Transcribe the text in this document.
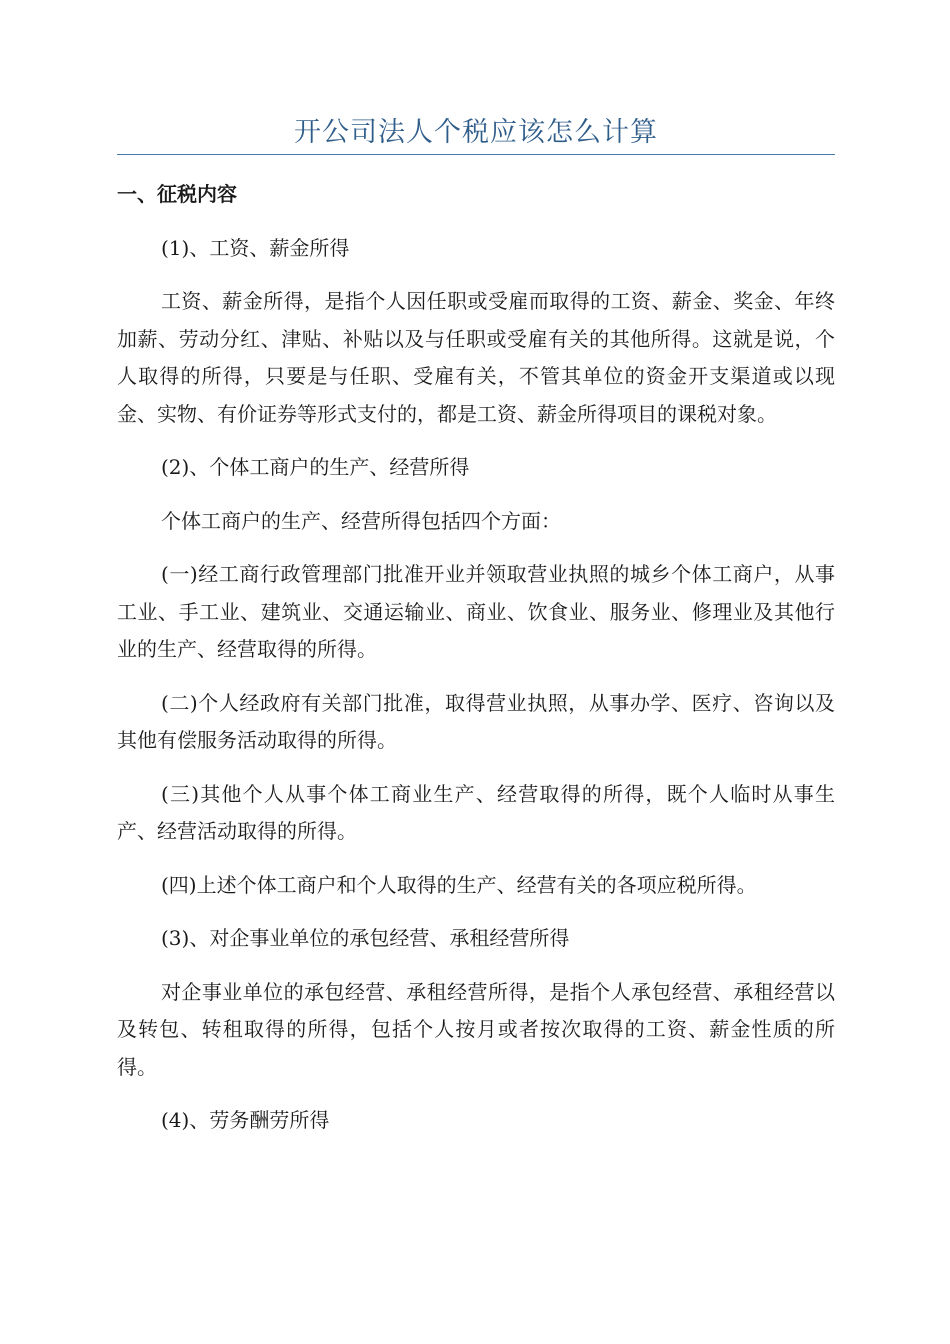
开公司法人个税应该怎么计算
一、征税内容

(1)、工资、薪金所得

工资、薪金所得，是指个人因任职或受雇而取得的工资、薪金、奖金、年终加薪、劳动分红、津贴、补贴以及与任职或受雇有关的其他所得。这就是说，个人取得的所得，只要是与任职、受雇有关，不管其单位的资金开支渠道或以现金、实物、有价证券等形式支付的，都是工资、薪金所得项目的课税对象。

(2)、个体工商户的生产、经营所得

个体工商户的生产、经营所得包括四个方面：

(一)经工商行政管理部门批准开业并领取营业执照的城乡个体工商户，从事工业、手工业、建筑业、交通运输业、商业、饮食业、服务业、修理业及其他行业的生产、经营取得的所得。

(二)个人经政府有关部门批准，取得营业执照，从事办学、医疗、咨询以及其他有偿服务活动取得的所得。

(三)其他个人从事个体工商业生产、经营取得的所得，既个人临时从事生产、经营活动取得的所得。

(四)上述个体工商户和个人取得的生产、经营有关的各项应税所得。

(3)、对企事业单位的承包经营、承租经营所得

对企事业单位的承包经营、承租经营所得，是指个人承包经营、承租经营以及转包、转租取得的所得，包括个人按月或者按次取得的工资、薪金性质的所得。

(4)、劳务酬劳所得
